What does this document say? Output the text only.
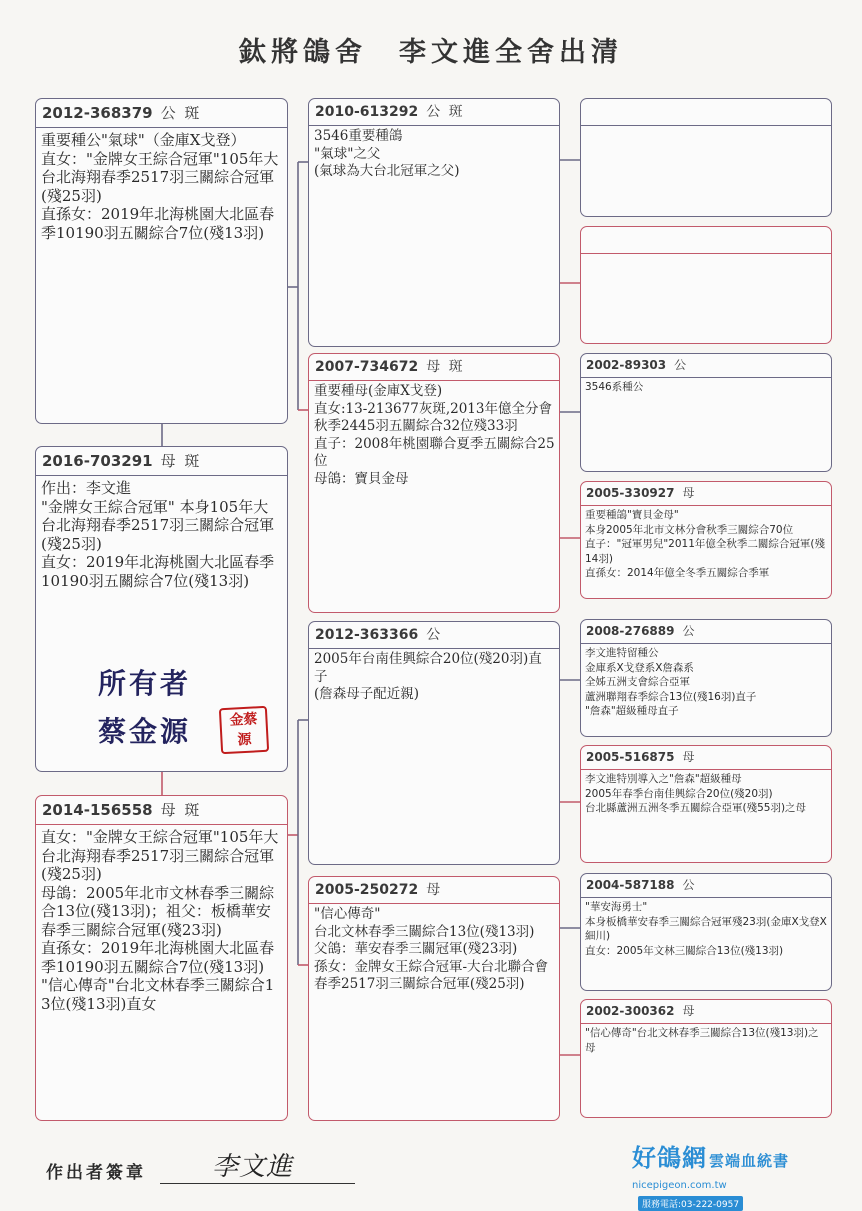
鈦將鴿舍　李文進全舍出清
2016-703291 母 斑
作出：李文進
"金牌女王綜合冠軍" 本身105年大台北海翔春季2517羽三關綜合冠軍(殘25羽)
直女：2019年北海桃園大北區春季10190羽五關綜合7位(殘13羽)
所有者
蔡金源	金蔡 源
2012-368379 公 斑
重要種公"氣球"（金庫X戈登）
直女："金牌女王綜合冠軍"105年大台北海翔春季2517羽三關綜合冠軍(殘25羽)
直孫女：2019年北海桃園大北區春季10190羽五關綜合7位(殘13羽)
2014-156558 母 斑
直女："金牌女王綜合冠軍"105年大台北海翔春季2517羽三關綜合冠軍(殘25羽)
母鴿：2005年北市文林春季三關綜合13位(殘13羽)；祖父：板橋華安春季三關綜合冠軍(殘23羽)
直孫女：2019年北海桃園大北區春季10190羽五關綜合7位(殘13羽)
"信心傳奇"台北文林春季三關綜合13位(殘13羽)直女
2010-613292 公 斑
3546重要種鴿
"氣球"之父
(氣球為大台北冠軍之父)
2007-734672 母 斑
重要種母(金庫X戈登)
直女:13-213677灰斑,2013年億全分會秋季2445羽五關綜合32位殘33羽
直子：2008年桃園聯合夏季五關綜合25位
母鴿：寶貝金母
2012-363366 公
2005年台南佳興綜合20位(殘20羽)直子
(詹森母子配近親)
2005-250272 母
"信心傳奇"
台北文林春季三關綜合13位(殘13羽)
父鴿：華安春季三關冠軍(殘23羽)
孫女：金牌女王綜合冠軍-大台北聯合會春季2517羽三關綜合冠軍(殘25羽)
2002-89303 公
3546系種公
2005-330927 母
重要種鴿"寶貝金母"
本身2005年北市文林分會秋季三關綜合70位
直子："冠軍男兒"2011年億全秋季二關綜合冠軍(殘14羽)
直孫女：2014年億全冬季五關綜合季軍
2008-276889 公
李文進特留種公
金庫系X戈登系X詹森系
全姊五洲支會綜合亞軍
蘆洲聯翔春季綜合13位(殘16羽)直子
"詹森"超級種母直子
2005-516875 母
李文進特別導入之"詹森"超級種母
2005年春季台南佳興綜合20位(殘20羽)
台北縣蘆洲五洲冬季五關綜合亞軍(殘55羽)之母
2004-587188 公
"華安海勇士"
本身板橋華安春季三關綜合冠軍殘23羽(金庫X戈登X細川)
直女：2005年文林三關綜合13位(殘13羽)
2002-300362 母
"信心傳奇"台北文林春季三關綜合13位(殘13羽)之母
作出者簽章	李文進	好鴿網 雲端血統書
nicepigeon.com.tw服務電話:03-222-0957
